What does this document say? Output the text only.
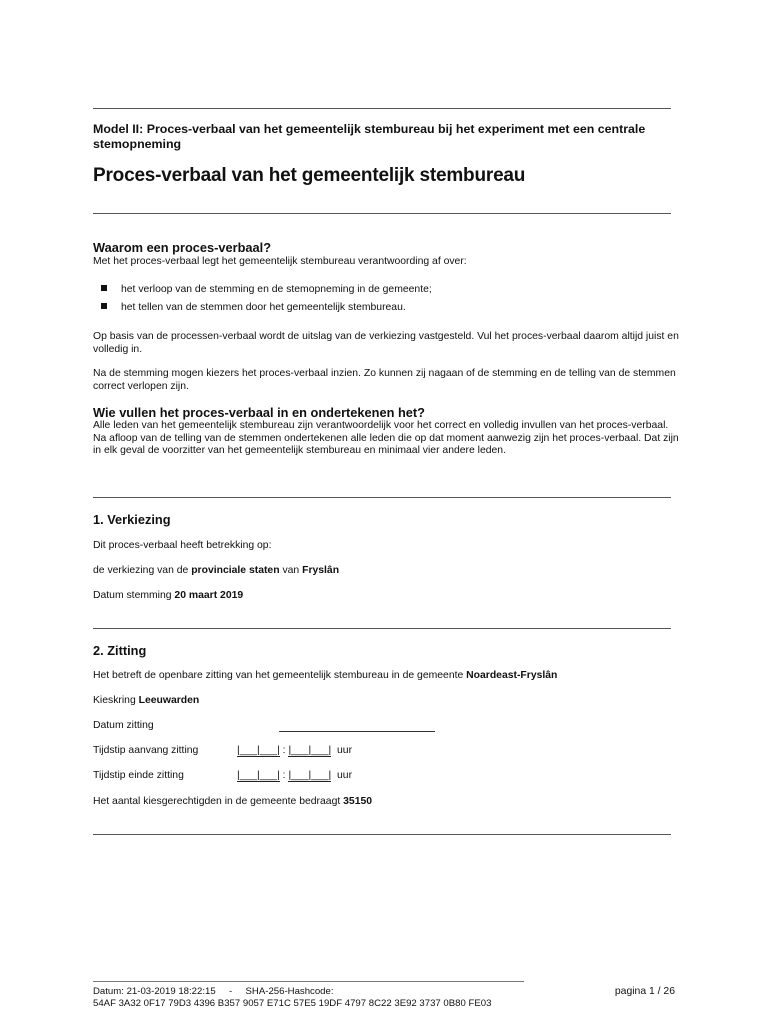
Model II: Proces-verbaal van het gemeentelijk stembureau bij het experiment met een centrale stemopneming
Proces-verbaal van het gemeentelijk stembureau
Waarom een proces-verbaal?
Met het proces-verbaal legt het gemeentelijk stembureau verantwoording af over:
het verloop van de stemming en de stemopneming in de gemeente;
het tellen van de stemmen door het gemeentelijk stembureau.
Op basis van de processen-verbaal wordt de uitslag van de verkiezing vastgesteld. Vul het proces-verbaal daarom altijd juist en volledig in.
Na de stemming mogen kiezers het proces-verbaal inzien. Zo kunnen zij nagaan of de stemming en de telling van de stemmen correct verlopen zijn.
Wie vullen het proces-verbaal in en ondertekenen het?
Alle leden van het gemeentelijk stembureau zijn verantwoordelijk voor het correct en volledig invullen van het proces-verbaal. Na afloop van de telling van de stemmen ondertekenen alle leden die op dat moment aanwezig zijn het proces-verbaal. Dat zijn in elk geval de voorzitter van het gemeentelijk stembureau en minimaal vier andere leden.
1. Verkiezing
Dit proces-verbaal heeft betrekking op:
de verkiezing van de provinciale staten van Fryslân
Datum stemming 20 maart 2019
2. Zitting
Het betreft de openbare zitting van het gemeentelijk stembureau in de gemeente Noardeast-Fryslân
Kieskring Leeuwarden
Datum zitting
Tijdstip aanvang zitting	|___|___| : |___|___| uur
Tijdstip einde zitting	|___|___| : |___|___| uur
Het aantal kiesgerechtigden in de gemeente bedraagt 35150
Datum: 21-03-2019 18:22:15 - SHA-256-Hashcode:
54AF 3A32 0F17 79D3 4396 B357 9057 E71C 57E5 19DF 4797 8C22 3E92 3737 0B80 FE03
pagina 1 / 26
